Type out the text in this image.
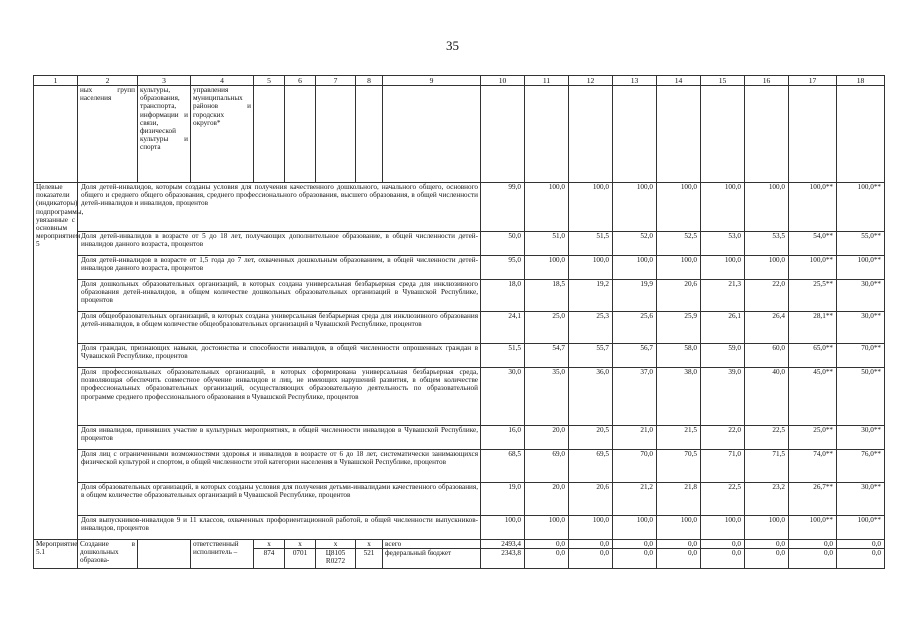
35
1	2	3	4	5	6	7	8	9	10	11	12	13	14	15	16	17	18
	ных групп населения	культуры, образования, транспорта, информации и связи, физической культуры и спорта	управления муниципальных районов и городских округов*														
Целевые показатели (индикаторы) подпрограммы, увязанные с основным мероприятием 5	Доля детей-инвалидов, которым созданы условия для получения качественного дошкольного, начального общего, основного общего и среднего общего образования, среднего профессионального образования, высшего образования, в общей численности детей-инвалидов и инвалидов, процентов								99,0	100,0	100,0	100,0	100,0	100,0	100,0	100,0**	100,0**
	Доля детей-инвалидов в возрасте от 5 до 18 лет, получающих дополнительное образование, в общей численности детей-инвалидов данного возраста, процентов								50,0	51,0	51,5	52,0	52,5	53,0	53,5	54,0**	55,0**
	Доля детей-инвалидов в возрасте от 1,5 года до 7 лет, охваченных дошкольным образованием, в общей численности детей-инвалидов данного возраста, процентов								95,0	100,0	100,0	100,0	100,0	100,0	100,0	100,0**	100,0**
	Доля дошкольных образовательных организаций, в которых создана универсальная безбарьерная среда для инклюзивного образования детей-инвалидов, в общем количестве дошкольных образовательных организаций в Чувашской Республике, процентов								18,0	18,5	19,2	19,9	20,6	21,3	22,0	25,5**	30,0**
	Доля общеобразовательных организаций, в которых создана универсальная безбарьерная среда для инклюзивного образования детей-инвалидов, в общем количестве общеобразовательных организаций в Чувашской Республике, процентов								24,1	25,0	25,3	25,6	25,9	26,1	26,4	28,1**	30,0**
	Доля граждан, признающих навыки, достоинства и способности инвалидов, в общей численности опрошенных граждан в Чувашской Республике, процентов								51,5	54,7	55,7	56,7	58,0	59,0	60,0	65,0**	70,0**
	Доля профессиональных образовательных организаций, в которых сформирована универсальная безбарьерная среда, позволяющая обеспечить совместное обучение инвалидов и лиц, не имеющих нарушений развития, в общем количестве профессиональных образовательных организаций, осуществляющих образовательную деятельность по образовательной программе среднего профессионального образования в Чувашской Республике, процентов								30,0	35,0	36,0	37,0	38,0	39,0	40,0	45,0**	50,0**
	Доля инвалидов, принявших участие в культурных мероприятиях, в общей численности инвалидов в Чувашской Республике, процентов								16,0	20,0	20,5	21,0	21,5	22,0	22,5	25,0**	30,0**
	Доля лиц с ограниченными возможностями здоровья и инвалидов в возрасте от 6 до 18 лет, систематически занимающихся физической культурой и спортом, в общей численности этой категории населения в Чувашской Республике, процентов								68,5	69,0	69,5	70,0	70,5	71,0	71,5	74,0**	76,0**
	Доля образовательных организаций, в которых созданы условия для получения детьми-инвалидами качественного образования, в общем количестве образовательных организаций в Чувашской Республике, процентов								19,0	20,0	20,6	21,2	21,8	22,5	23,2	26,7**	30,0**
	Доля выпускников-инвалидов 9 и 11 классов, охваченных профориентационной работой, в общей численности выпускников-инвалидов, процентов								100,0	100,0	100,0	100,0	100,0	100,0	100,0	100,0**	100,0**
Мероприятие 5.1	Создание в дошкольных образова-		ответственный исполнитель –	x	x	x	x	всего	2493,4	0,0	0,0	0,0	0,0	0,0	0,0	0,0	0,0
				874	0701	Ц8105 R0272	521	федеральный бюджет	2343,8	0,0	0,0	0,0	0,0	0,0	0,0	0,0	0,0
